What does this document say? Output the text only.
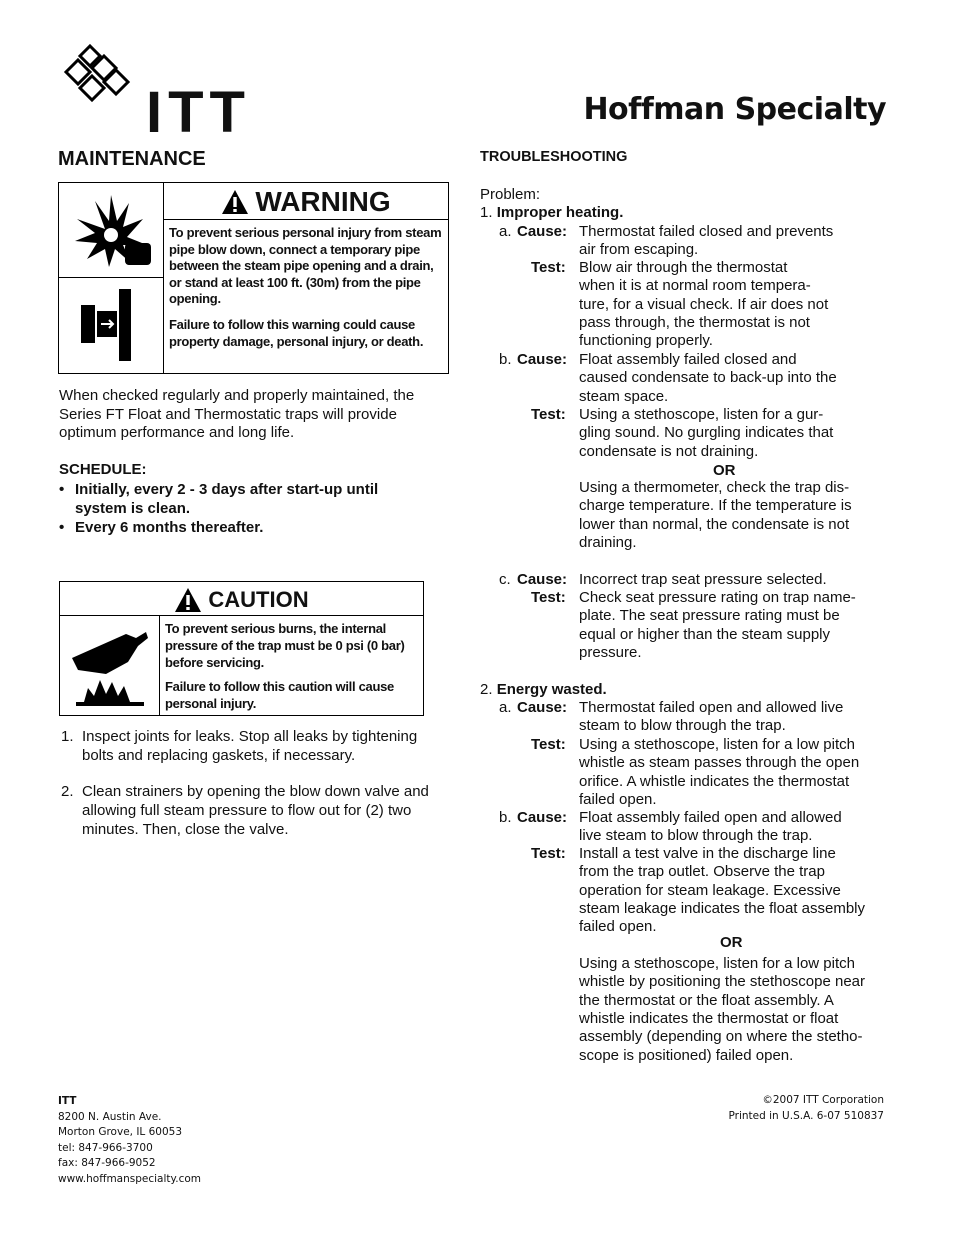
ITT	Hoffman Specialty
MAINTENANCE
WARNING
To prevent serious personal injury from steam pipe blow down, connect a temporary pipe between the steam pipe opening and a drain, or stand at least 100 ft. (30m) from the pipe opening.
Failure to follow this warning could cause property damage, personal injury, or death.
When checked regularly and properly maintained, the Series FT Float and Thermostatic traps will provide optimum performance and long life.
SCHEDULE:
• Initially, every 2 - 3 days after start-up until system is clean.
• Every 6 months thereafter.
CAUTION
To prevent serious burns, the internal pressure of the trap must be 0 psi (0 bar) before servicing.
Failure to follow this caution will cause personal injury.
1. Inspect joints for leaks. Stop all leaks by tightening bolts and replacing gaskets, if necessary.
2. Clean strainers by opening the blow down valve and allowing full steam pressure to flow out for (2) two minutes. Then, close the valve.
TROUBLESHOOTING
Problem:
1. Improper heating.
a. Cause: Thermostat failed closed and prevents
air from escaping.
Test: Blow air through the thermostat
when it is at normal room tempera-
ture, for a visual check. If air does not
pass through, the thermostat is not
functioning properly.
b. Cause: Float assembly failed closed and
caused condensate to back-up into the
steam space.
Test: Using a stethoscope, listen for a gur-
gling sound. No gurgling indicates that
condensate is not draining.
OR
Using a thermometer, check the trap dis-
charge temperature. If the temperature is
lower than normal, the condensate is not
draining.
c. Cause: Incorrect trap seat pressure selected.
Test: Check seat pressure rating on trap name-
plate. The seat pressure rating must be
equal or higher than the steam supply
pressure.
a. Cause: Thermostat failed open and allowed live
steam to blow through the trap.
Test: Using a stethoscope, listen for a low pitch
whistle as steam passes through the open
orifice. A whistle indicates the thermostat
failed open.
b. Cause: Float assembly failed open and allowed
live steam to blow through the trap.
Test: Install a test valve in the discharge line
from the trap outlet. Observe the trap
operation for steam leakage. Excessive
steam leakage indicates the float assembly
failed open.
OR
Using a stethoscope, listen for a low pitch
whistle by positioning the stethoscope near
the thermostat or the float assembly. A
whistle indicates the thermostat or float
assembly (depending on where the stetho-
scope is positioned) failed open.
2. Energy wasted.
ITT
8200 N. Austin Ave.
Morton Grove, IL 60053
tel: 847-966-3700
fax: 847-966-9052
www.hoffmanspecialty.com
©2007 ITT Corporation
Printed in U.S.A. 6-07 510837
